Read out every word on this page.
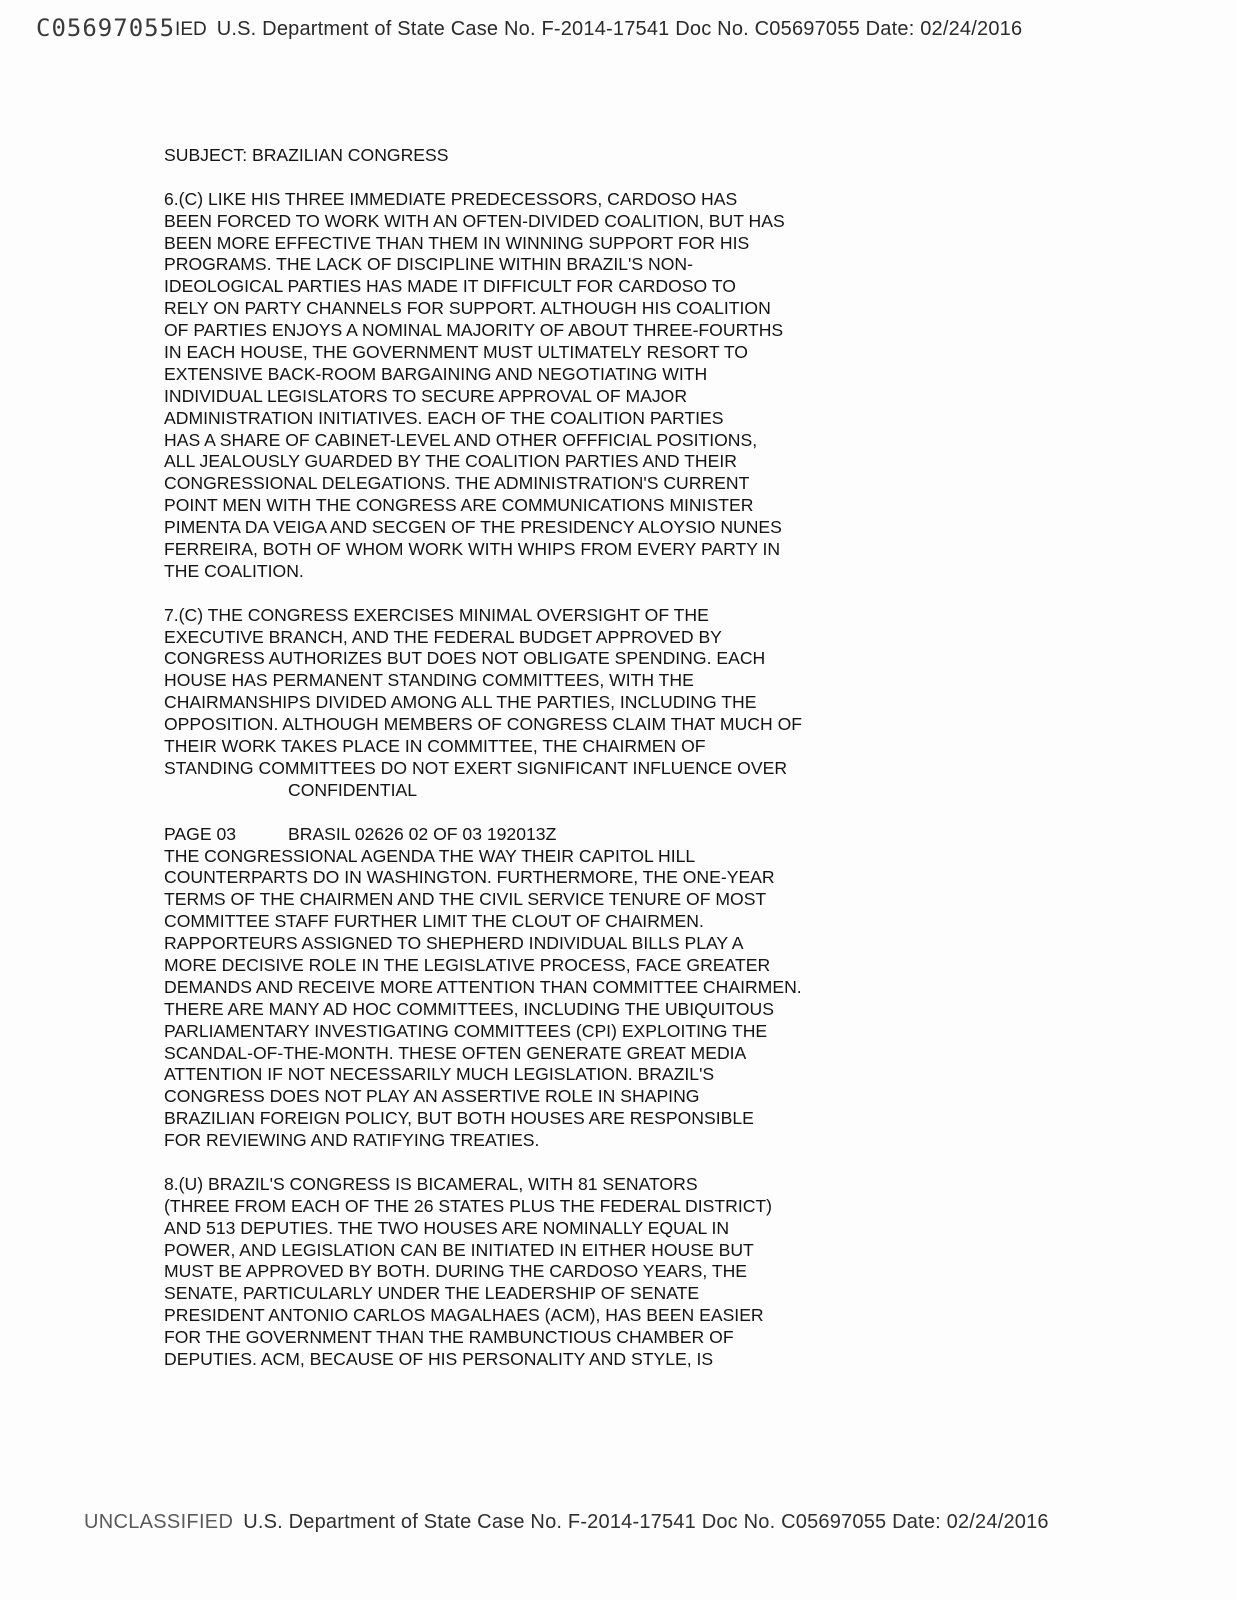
C05697055IED U.S. Department of State Case No. F-2014-17541 Doc No. C05697055 Date: 02/24/2016
SUBJECT: BRAZILIAN CONGRESS
6.(C) LIKE HIS THREE IMMEDIATE PREDECESSORS, CARDOSO HAS
BEEN FORCED TO WORK WITH AN OFTEN-DIVIDED COALITION, BUT HAS
BEEN MORE EFFECTIVE THAN THEM IN WINNING SUPPORT FOR HIS
PROGRAMS. THE LACK OF DISCIPLINE WITHIN BRAZIL'S NON-
IDEOLOGICAL PARTIES HAS MADE IT DIFFICULT FOR CARDOSO TO
RELY ON PARTY CHANNELS FOR SUPPORT. ALTHOUGH HIS COALITION
OF PARTIES ENJOYS A NOMINAL MAJORITY OF ABOUT THREE-FOURTHS
IN EACH HOUSE, THE GOVERNMENT MUST ULTIMATELY RESORT TO
EXTENSIVE BACK-ROOM BARGAINING AND NEGOTIATING WITH
INDIVIDUAL LEGISLATORS TO SECURE APPROVAL OF MAJOR
ADMINISTRATION INITIATIVES. EACH OF THE COALITION PARTIES
HAS A SHARE OF CABINET-LEVEL AND OTHER OFFFICIAL POSITIONS,
ALL JEALOUSLY GUARDED BY THE COALITION PARTIES AND THEIR
CONGRESSIONAL DELEGATIONS. THE ADMINISTRATION'S CURRENT
POINT MEN WITH THE CONGRESS ARE COMMUNICATIONS MINISTER
PIMENTA DA VEIGA AND SECGEN OF THE PRESIDENCY ALOYSIO NUNES
FERREIRA, BOTH OF WHOM WORK WITH WHIPS FROM EVERY PARTY IN
THE COALITION.
7.(C) THE CONGRESS EXERCISES MINIMAL OVERSIGHT OF THE
EXECUTIVE BRANCH, AND THE FEDERAL BUDGET APPROVED BY
CONGRESS AUTHORIZES BUT DOES NOT OBLIGATE SPENDING. EACH
HOUSE HAS PERMANENT STANDING COMMITTEES, WITH THE
CHAIRMANSHIPS DIVIDED AMONG ALL THE PARTIES, INCLUDING THE
OPPOSITION. ALTHOUGH MEMBERS OF CONGRESS CLAIM THAT MUCH OF
THEIR WORK TAKES PLACE IN COMMITTEE, THE CHAIRMEN OF
STANDING COMMITTEES DO NOT EXERT SIGNIFICANT INFLUENCE OVER
CONFIDENTIAL
PAGE 03	BRASIL 02626 02 OF 03 192013Z
THE CONGRESSIONAL AGENDA THE WAY THEIR CAPITOL HILL
COUNTERPARTS DO IN WASHINGTON. FURTHERMORE, THE ONE-YEAR
TERMS OF THE CHAIRMEN AND THE CIVIL SERVICE TENURE OF MOST
COMMITTEE STAFF FURTHER LIMIT THE CLOUT OF CHAIRMEN.
RAPPORTEURS ASSIGNED TO SHEPHERD INDIVIDUAL BILLS PLAY A
MORE DECISIVE ROLE IN THE LEGISLATIVE PROCESS, FACE GREATER
DEMANDS AND RECEIVE MORE ATTENTION THAN COMMITTEE CHAIRMEN.
THERE ARE MANY AD HOC COMMITTEES, INCLUDING THE UBIQUITOUS
PARLIAMENTARY INVESTIGATING COMMITTEES (CPI) EXPLOITING THE
SCANDAL-OF-THE-MONTH. THESE OFTEN GENERATE GREAT MEDIA
ATTENTION IF NOT NECESSARILY MUCH LEGISLATION. BRAZIL'S
CONGRESS DOES NOT PLAY AN ASSERTIVE ROLE IN SHAPING
BRAZILIAN FOREIGN POLICY, BUT BOTH HOUSES ARE RESPONSIBLE
FOR REVIEWING AND RATIFYING TREATIES.
8.(U) BRAZIL'S CONGRESS IS BICAMERAL, WITH 81 SENATORS
(THREE FROM EACH OF THE 26 STATES PLUS THE FEDERAL DISTRICT)
AND 513 DEPUTIES. THE TWO HOUSES ARE NOMINALLY EQUAL IN
POWER, AND LEGISLATION CAN BE INITIATED IN EITHER HOUSE BUT
MUST BE APPROVED BY BOTH. DURING THE CARDOSO YEARS, THE
SENATE, PARTICULARLY UNDER THE LEADERSHIP OF SENATE
PRESIDENT ANTONIO CARLOS MAGALHAES (ACM), HAS BEEN EASIER
FOR THE GOVERNMENT THAN THE RAMBUNCTIOUS CHAMBER OF
DEPUTIES. ACM, BECAUSE OF HIS PERSONALITY AND STYLE, IS
UNCLASSIFIED U.S. Department of State Case No. F-2014-17541 Doc No. C05697055 Date: 02/24/2016
